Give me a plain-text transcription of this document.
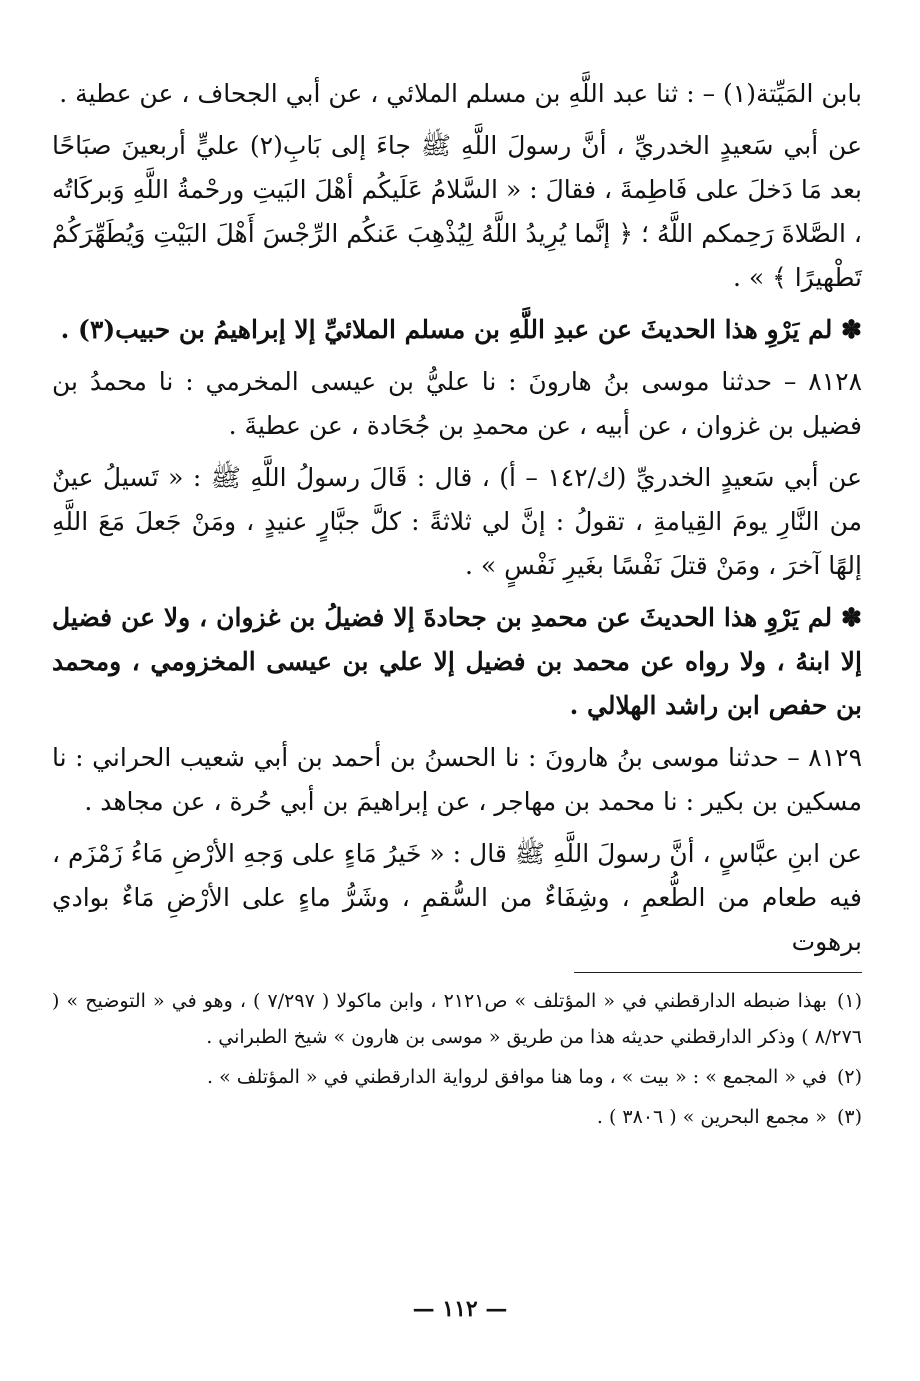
بابن المَيِّتة(١) – : ثنا عبد اللَّهِ بن مسلم الملائي ، عن أبي الجحاف ، عن عطية .

عن أبي سَعيدٍ الخدريِّ ، أنَّ رسولَ اللَّهِ ﷺ جاءَ إلى بَابِ(٢) عليٍّ أربعينَ صبَاحًا بعد مَا دَخلَ على فَاطِمةَ ، فقالَ : « السَّلامُ عَلَيكُم أهْلَ البَيتِ ورحْمةُ اللَّهِ وَبركَاتُه ، الصَّلاةَ رَحِمكم اللَّهُ ؛ ﴿ إنَّما يُرِيدُ اللَّهُ لِيُذْهِبَ عَنكُم الرِّجْسَ أَهْلَ البَيْتِ وَيُطَهِّرَكُمْ تَطْهيرًا ﴾ » .

✽ لم يَرْوِ هذا الحديثَ عن عبدِ اللَّهِ بن مسلم الملائيِّ إلا إبراهيمُ بن حبيب(٣) .

٨١٢٨ – حدثنا موسى بنُ هارونَ : نا عليُّ بن عيسى المخرمي : نا محمدُ بن فضيل بن غزوان ، عن أبيه ، عن محمدِ بن جُحَادة ، عن عطيةَ .

عن أبي سَعيدٍ الخدريِّ (ك/١٤٢ – أ) ، قال : قَالَ رسولُ اللَّهِ ﷺ : « تَسيلُ عينٌ من النَّارِ يومَ القِيامةِ ، تقولُ : إنَّ لي ثلاثةً : كلَّ جبَّارٍ عنيدٍ ، ومَنْ جَعلَ مَعَ اللَّهِ إلهًا آخرَ ، ومَنْ قتلَ نَفْسًا بغَيرِ نَفْسٍ » .

✽ لم يَرْوِ هذا الحديثَ عن محمدِ بن جحادةَ إلا فضيلُ بن غزوان ، ولا عن فضيل إلا ابنهُ ، ولا رواه عن محمد بن فضيل إلا علي بن عيسى المخزومي ، ومحمد بن حفص ابن راشد الهلالي .

٨١٢٩ – حدثنا موسى بنُ هارونَ : نا الحسنُ بن أحمد بن أبي شعيب الحراني : نا مسكين بن بكير : نا محمد بن مهاجر ، عن إبراهيمَ بن أبي حُرة ، عن مجاهد .

عن ابنِ عبَّاسٍ ، أنَّ رسولَ اللَّهِ ﷺ قال : « خَيرُ مَاءٍ على وَجهِ الأرْضِ مَاءُ زَمْزَم ، فيه طعام من الطُّعمِ ، وشِفَاءٌ من السُّقمِ ، وشَرُّ ماءٍ على الأرْضِ مَاءٌ بوادي برهوت

(١)بهذا ضبطه الدارقطني في « المؤتلف » ص٢١٢١ ، وابن ماكولا ( ٧/٢٩٧ ) ، وهو في « التوضيح » ( ٨/٢٧٦ ) وذكر الدارقطني حديثه هذا من طريق « موسى بن هارون » شيخ الطبراني .

(٢)في « المجمع » : « بيت » ، وما هنا موافق لرواية الدارقطني في « المؤتلف » .

(٣)« مجمع البحرين » ( ٣٨٠٦ ) .

— ١١٢ —
